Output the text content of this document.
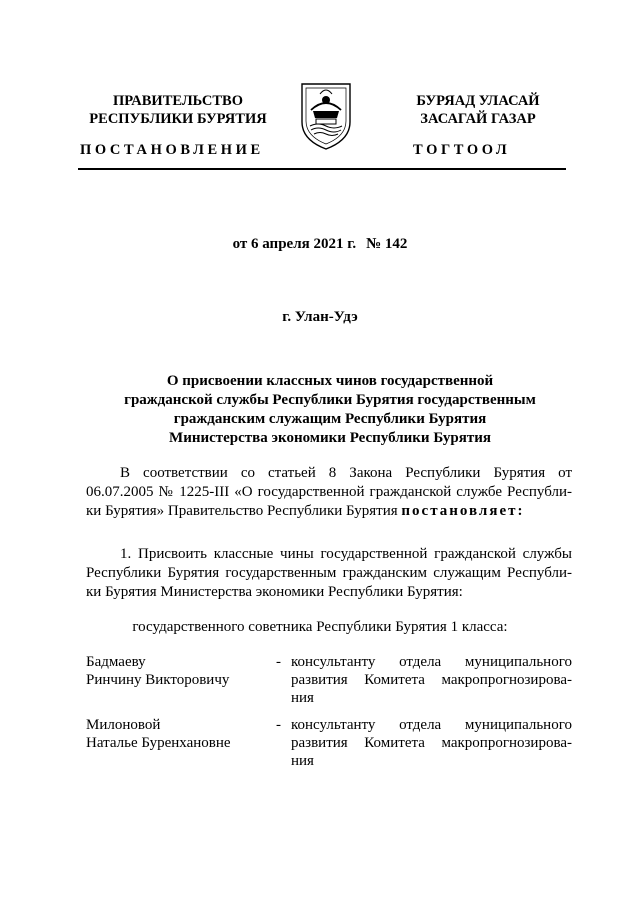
ПРАВИТЕЛЬСТВО
РЕСПУБЛИКИ БУРЯТИЯ
БУРЯАД УЛАСАЙ
ЗАСАГАЙ ГАЗАР
ПОСТАНОВЛЕНИЕ	ТОГТООЛ
от 6 апреля 2021 г. № 142
г. Улан-Удэ
О присвоении классных чинов государственной
гражданской службы Республики Бурятия государственным
гражданским служащим Республики Бурятия
Министерства экономики Республики Бурятия
В соответствии со статьей 8 Закона Республики Бурятия от
06.07.2005 № 1225-III «О государственной гражданской службе Республи-
ки Бурятия» Правительство Республики Бурятия постановляет:
1. Присвоить классные чины государственной гражданской службы
Республики Бурятия государственным гражданским служащим Республи-
ки Бурятия Министерства экономики Республики Бурятия:
государственного советника Республики Бурятия 1 класса:
Бадмаеву
Ринчину Викторовичу
- консультанту отдела муниципального
развития Комитета макропрогнозирова-
ния
Милоновой
Наталье Буренхановне
- консультанту отдела муниципального
развития Комитета макропрогнозирова-
ния
